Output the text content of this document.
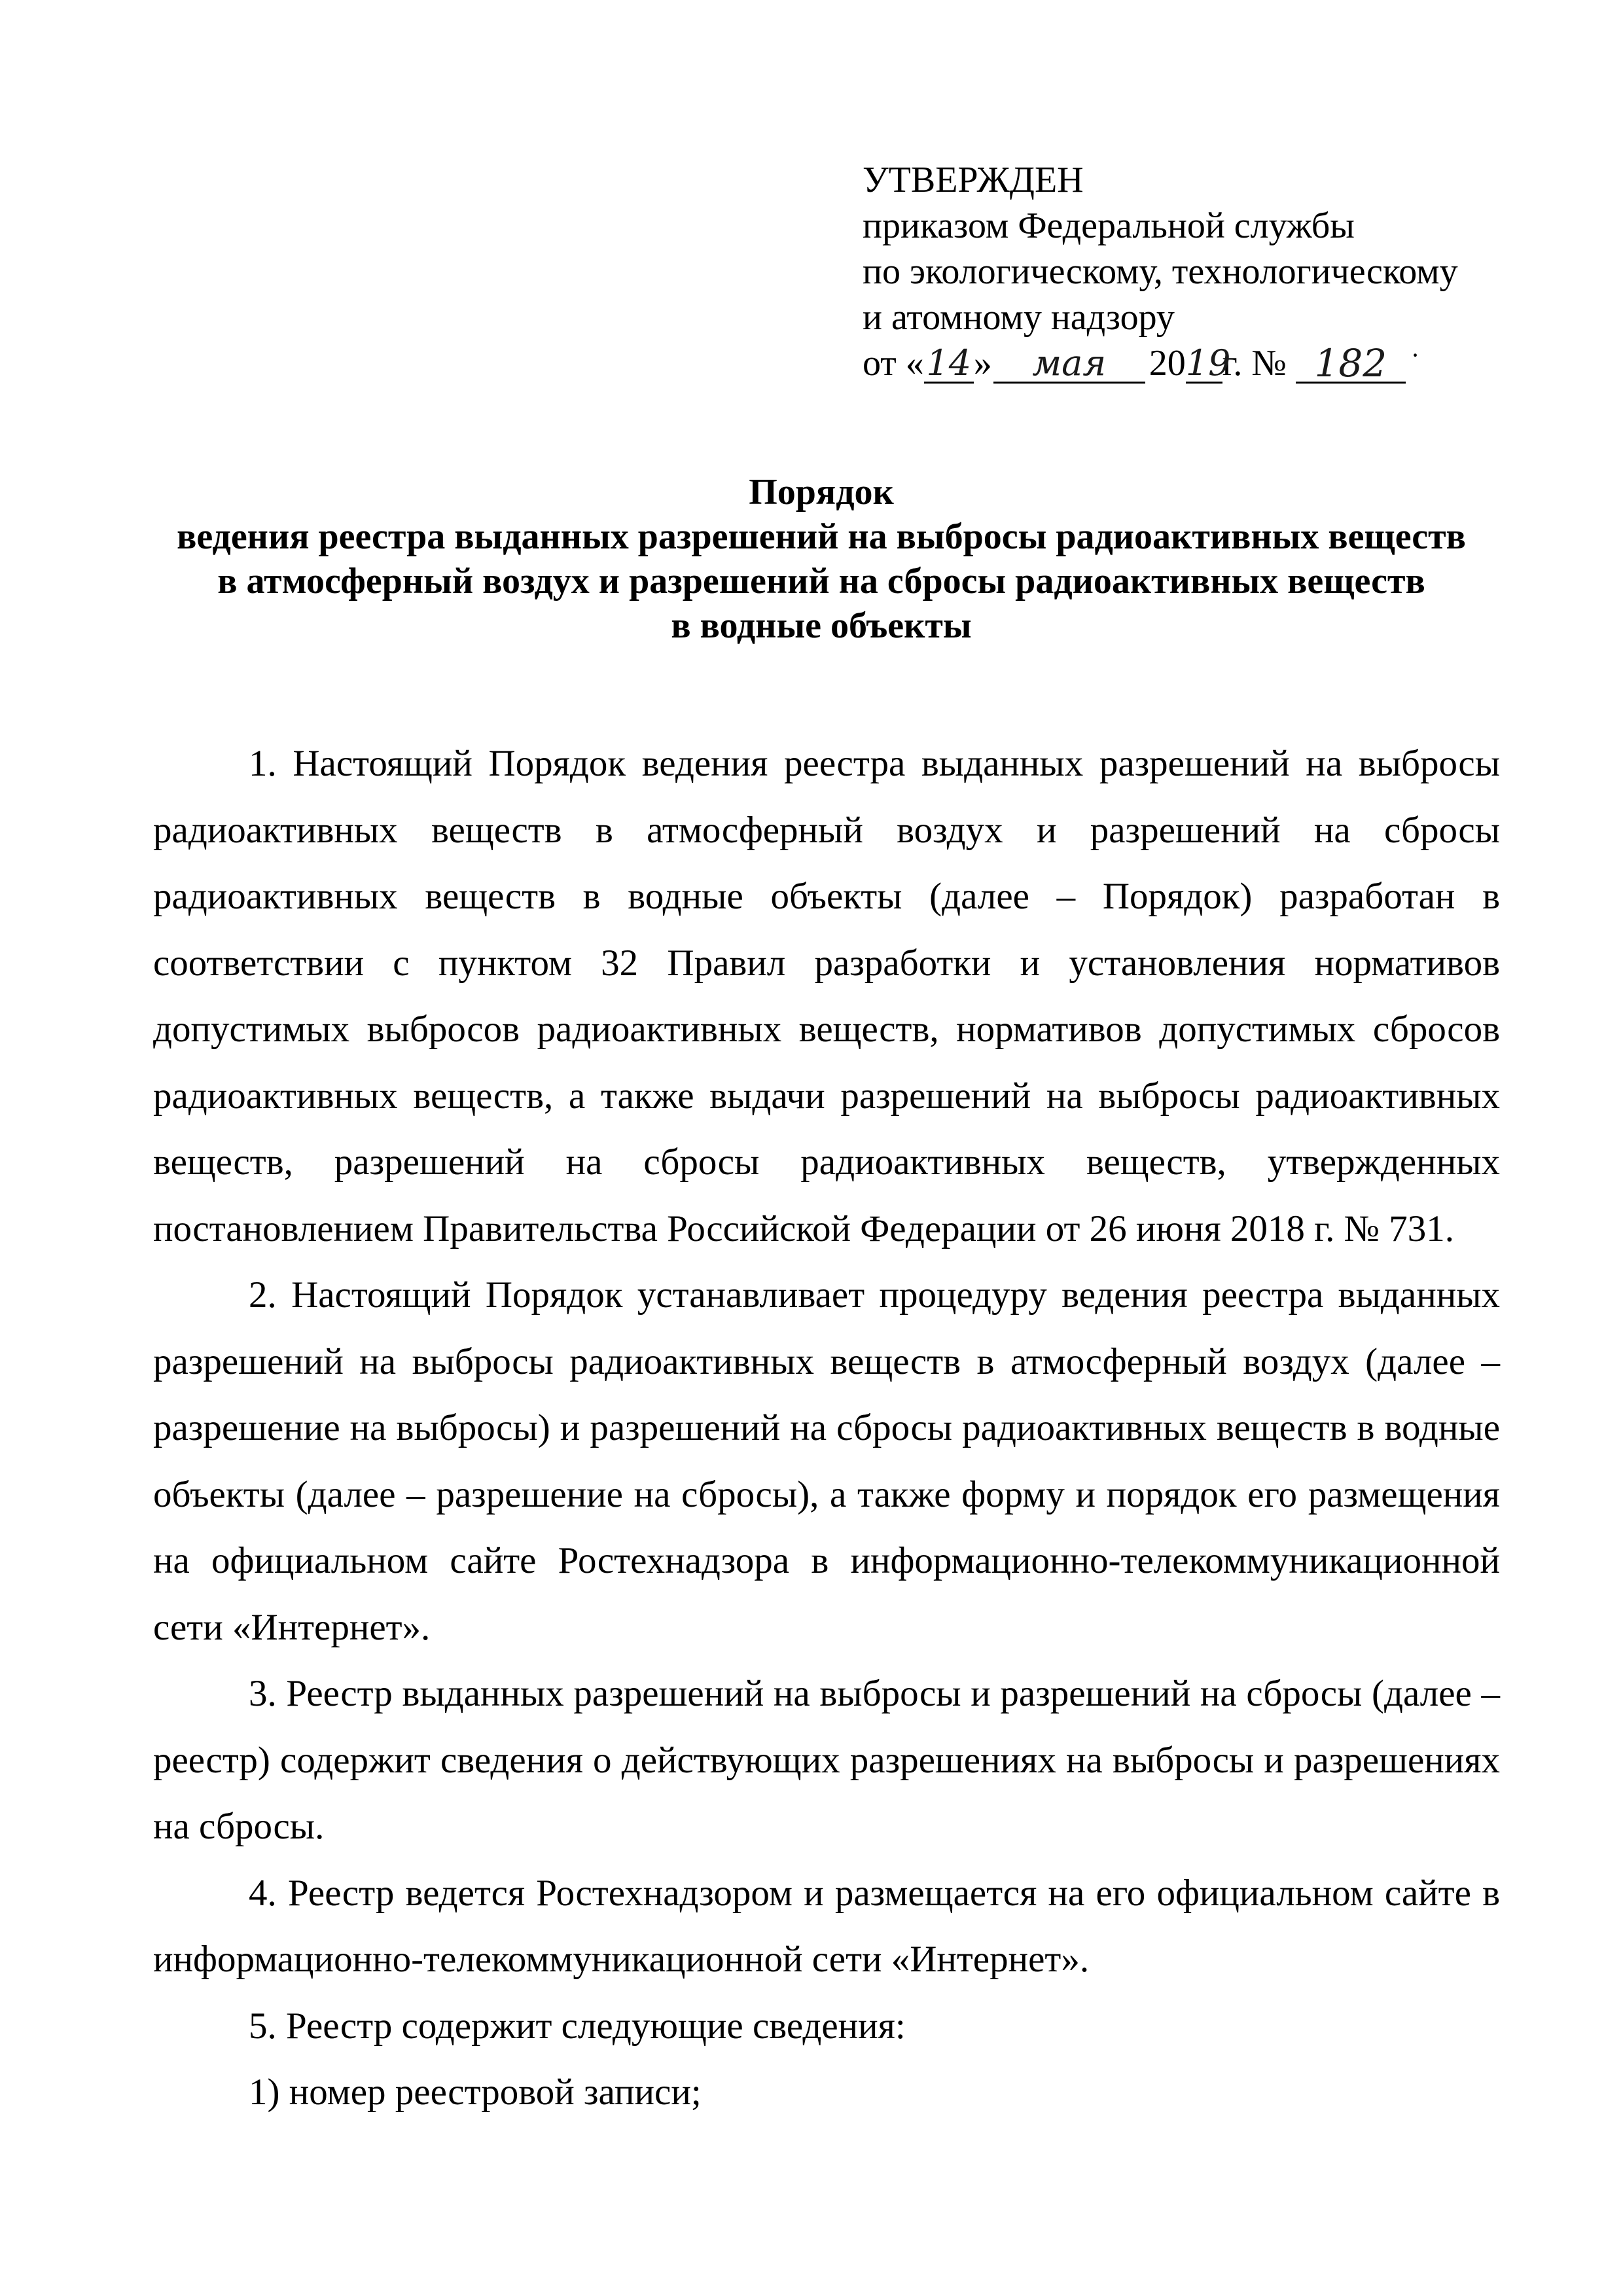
УТВЕРЖДЕН
приказом Федеральной службы
по экологическому, технологическому
и атомному надзору
от « 14 »	мая	20 19
г. № 182 ·
Порядок
ведения реестра выданных разрешений на выбросы радиоактивных веществ
в атмосферный воздух и разрешений на сбросы радиоактивных веществ
в водные объекты

1. Настоящий Порядок ведения реестра выданных разрешений на выбросы радиоактивных веществ в атмосферный воздух и разрешений на сбросы радиоактивных веществ в водные объекты (далее – Порядок) разработан в соответствии с пунктом 32 Правил разработки и установления нормативов допустимых выбросов радиоактивных веществ, нормативов допустимых сбросов радиоактивных веществ, а также выдачи разрешений на выбросы радиоактивных веществ, разрешений на сбросы радиоактивных веществ, утвержденных постановлением Правительства Российской Федерации от 26 июня 2018 г. № 731.

2. Настоящий Порядок устанавливает процедуру ведения реестра выданных разрешений на выбросы радиоактивных веществ в атмосферный воздух (далее – разрешение на выбросы) и разрешений на сбросы радиоактивных веществ в водные объекты (далее – разрешение на сбросы), а также форму и порядок его размещения на официальном сайте Ростехнадзора в информационно-телекоммуникационной сети «Интернет».

3. Реестр выданных разрешений на выбросы и разрешений на сбросы (далее – реестр) содержит сведения о действующих разрешениях на выбросы и разрешениях на сбросы.

4. Реестр ведется Ростехнадзором и размещается на его официальном сайте в информационно-телекоммуникационной сети «Интернет».

5. Реестр содержит следующие сведения:

1) номер реестровой записи;
